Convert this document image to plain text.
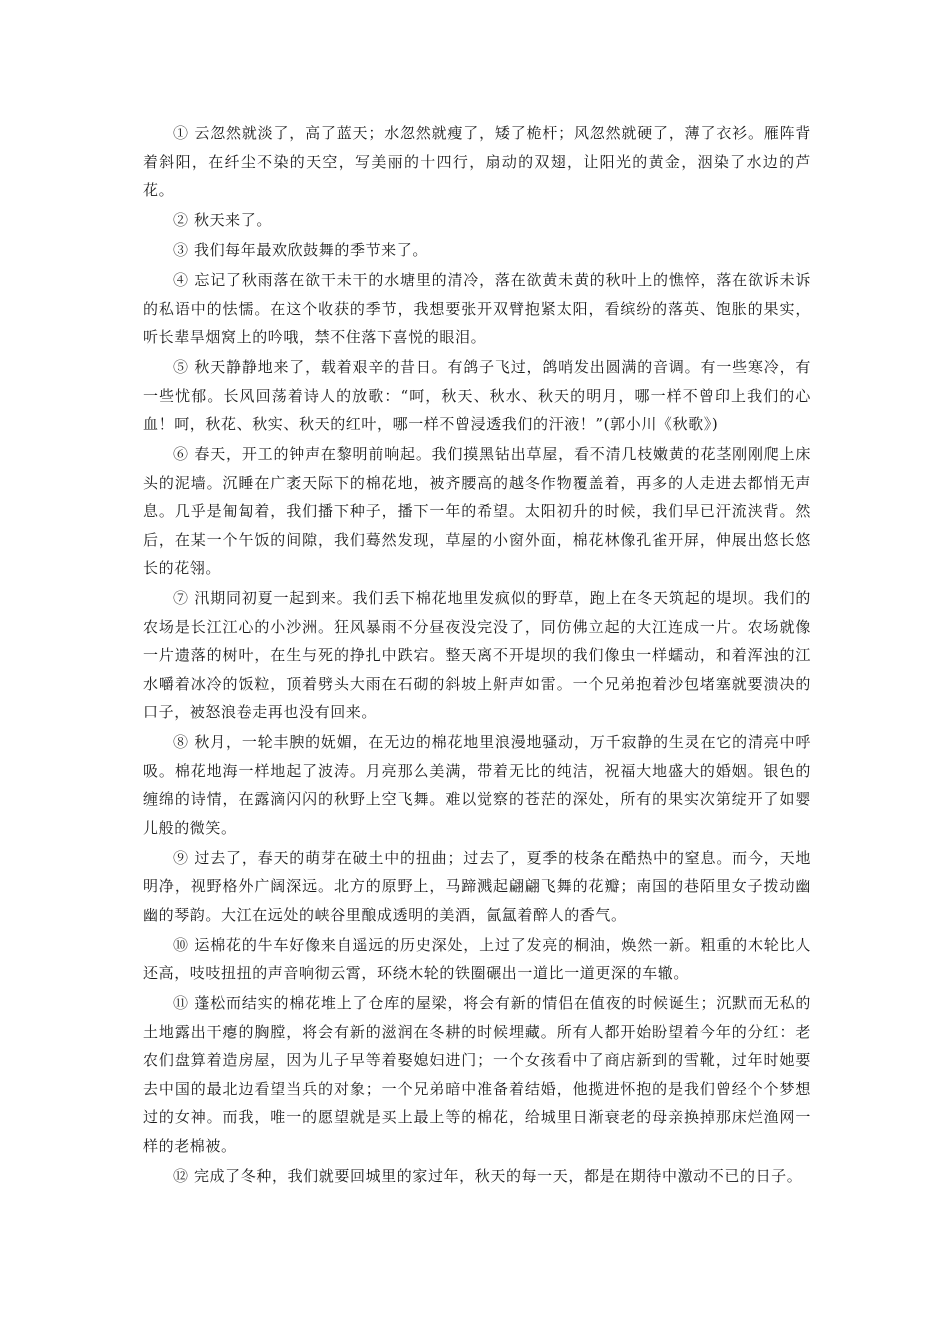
① 云忽然就淡了，高了蓝天；水忽然就瘦了，矮了桅杆；风忽然就硬了，薄了衣衫。雁阵背着斜阳，在纤尘不染的天空，写美丽的十四行，扇动的双翅，让阳光的黄金，洇染了水边的芦花。

② 秋天来了。

③ 我们每年最欢欣鼓舞的季节来了。

④ 忘记了秋雨落在欲干未干的水塘里的清冷，落在欲黄未黄的秋叶上的憔悴，落在欲诉未诉的私语中的怯懦。在这个收获的季节，我想要张开双臂抱紧太阳，看缤纷的落英、饱胀的果实，听长辈旱烟窝上的吟哦，禁不住落下喜悦的眼泪。

⑤ 秋天静静地来了，载着艰辛的昔日。有鸽子飞过，鸽哨发出圆满的音调。有一些寒冷，有一些忧郁。长风回荡着诗人的放歌：“呵，秋天、秋水、秋天的明月，哪一样不曾印上我们的心血！呵，秋花、秋实、秋天的红叶，哪一样不曾浸透我们的汗液！”(郭小川《秋歌》)

⑥ 春天，开工的钟声在黎明前响起。我们摸黑钻出草屋，看不清几枝嫩黄的花茎刚刚爬上床头的泥墙。沉睡在广袤天际下的棉花地，被齐腰高的越冬作物覆盖着，再多的人走进去都悄无声息。几乎是匍匐着，我们播下种子，播下一年的希望。太阳初升的时候，我们早已汗流浃背。然后，在某一个午饭的间隙，我们蓦然发现，草屋的小窗外面，棉花林像孔雀开屏，伸展出悠长悠长的花翎。

⑦ 汛期同初夏一起到来。我们丢下棉花地里发疯似的野草，跑上在冬天筑起的堤坝。我们的农场是长江江心的小沙洲。狂风暴雨不分昼夜没完没了，同仿佛立起的大江连成一片。农场就像一片遗落的树叶，在生与死的挣扎中跌宕。整天离不开堤坝的我们像虫一样蠕动，和着浑浊的江水嚼着冰冷的饭粒，顶着劈头大雨在石砌的斜坡上鼾声如雷。一个兄弟抱着沙包堵塞就要溃决的口子，被怒浪卷走再也没有回来。

⑧ 秋月，一轮丰腴的妩媚，在无边的棉花地里浪漫地骚动，万千寂静的生灵在它的清亮中呼吸。棉花地海一样地起了波涛。月亮那么美满，带着无比的纯洁，祝福大地盛大的婚姻。银色的缠绵的诗情，在露滴闪闪的秋野上空飞舞。难以觉察的苍茫的深处，所有的果实次第绽开了如婴儿般的微笑。

⑨ 过去了，春天的萌芽在破土中的扭曲；过去了，夏季的枝条在酷热中的窒息。而今，天地明净，视野格外广阔深远。北方的原野上，马蹄溅起翩翩飞舞的花瓣；南国的巷陌里女子拨动幽幽的琴韵。大江在远处的峡谷里酿成透明的美酒，氤氲着醉人的香气。

⑩ 运棉花的牛车好像来自遥远的历史深处，上过了发亮的桐油，焕然一新。粗重的木轮比人还高，吱吱扭扭的声音响彻云霄，环绕木轮的铁圈碾出一道比一道更深的车辙。

⑪ 蓬松而结实的棉花堆上了仓库的屋梁，将会有新的情侣在值夜的时候诞生；沉默而无私的土地露出干瘪的胸膛，将会有新的滋润在冬耕的时候埋藏。所有人都开始盼望着今年的分红：老农们盘算着造房屋，因为儿子早等着娶媳妇进门；一个女孩看中了商店新到的雪靴，过年时她要去中国的最北边看望当兵的对象；一个兄弟暗中准备着结婚，他揽进怀抱的是我们曾经个个梦想过的女神。而我，唯一的愿望就是买上最上等的棉花，给城里日渐衰老的母亲换掉那床烂渔网一样的老棉被。

⑫ 完成了冬种，我们就要回城里的家过年，秋天的每一天，都是在期待中激动不已的日子。
